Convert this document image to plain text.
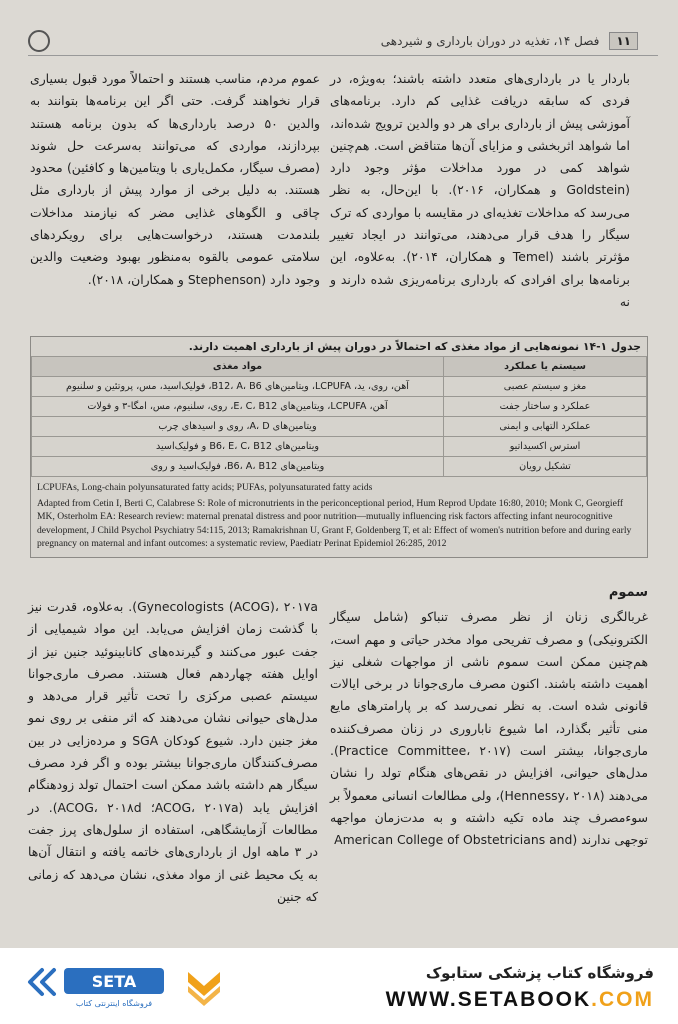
۱۱
فصل ۱۴، تغذیه در دوران بارداری و شیردهی

باردار یا در بارداری‌های متعدد داشته باشند؛ به‌ویژه، در فردی که سابقه دریافت غذایی کم دارد. برنامه‌های آموزشی پیش از بارداری برای هر دو والدین ترویج شده‌اند، اما شواهد اثربخشی و مزایای آن‌ها متناقض است. هم‌چنین شواهد کمی در مورد مداخلات مؤثر وجود دارد (Goldstein و همکاران، ۲۰۱۶). با این‌حال، به نظر می‌رسد که مداخلات تغذیه‌ای در مقایسه با مواردی که ترک سیگار را هدف قرار می‌دهند، می‌توانند در ایجاد تغییر مؤثرتر باشند (Temel و همکاران، ۲۰۱۴). به‌علاوه، این برنامه‌ها برای افرادی که بارداری برنامه‌ریزی شده دارند و نه

عموم مردم، مناسب هستند و احتمالاً مورد قبول بسیاری قرار نخواهند گرفت. حتی اگر این برنامه‌ها بتوانند به والدین ۵۰ درصد بارداری‌ها که بدون برنامه هستند بپردازند، مواردی که می‌توانند به‌سرعت حل شوند (مصرف سیگار، مکمل‌یاری با ویتامین‌ها و کافئین) محدود هستند. به دلیل برخی از موارد پیش از بارداری مثل چاقی و الگوهای غذایی مضر که نیازمند مداخلات بلندمدت هستند، درخواست‌هایی برای رویکردهای سلامتی عمومی بالقوه به‌منظور بهبود وضعیت والدین وجود دارد (Stephenson و همکاران، ۲۰۱۸).

جدول ۱-۱۴ نمونه‌هایی از مواد مغذی که احتمالاً در دوران پیش از بارداری اهمیت دارند.
سیستم یا عملکرد	مواد مغذی
مغز و سیستم عصبی	آهن، روی، ید، LCPUFA، ویتامین‌های B12، A، B6، فولیک‌اسید، مس، پروتئین و سلنیوم
عملکرد و ساختار جفت	آهن، LCPUFA، ویتامین‌های E، C، B12، روی، سلنیوم، مس، امگا-۳ و فولات
عملکرد التهابی و ایمنی	ویتامین‌های A، D، روی و اسیدهای چرب
استرس اکسیداتیو	ویتامین‌های B6، E، C، B12 و فولیک‌اسید
تشکیل رویان	ویتامین‌های B6، A، B12، فولیک‌اسید و روی
LCPUFAs, Long-chain polyunsaturated fatty acids; PUFAs, polyunsaturated fatty acids
Adapted from Cetin I, Berti C, Calabrese S: Role of micronutrients in the periconceptional period, Hum Reprod Update 16:80, 2010; Monk C, Georgieff MK, Osterholm EA: Research review: maternal prenatal distress and poor nutrition—mutually influencing risk factors affecting infant neurocognitive development, J Child Psychol Psychiatry 54:115, 2013; Ramakrishnan U, Grant F, Goldenberg T, et al: Effect of women's nutrition before and during early pregnancy on maternal and infant outcomes: a systematic review, Paediatr Perinat Epidemiol 26:285, 2012
سموم

غربالگری زنان از نظر مصرف تنباکو (شامل سیگار الکترونیکی) و مصرف تفریحی مواد مخدر حیاتی و مهم است، هم‌چنین ممکن است سموم ناشی از مواجهات شغلی نیز اهمیت داشته باشند. اکنون مصرف ماری‌جوانا در برخی ایالات قانونی شده است. به نظر نمی‌رسد که بر پارامترهای مایع منی تأثیر بگذارد، اما شیوع ناباروری در زنان مصرف‌کننده ماری‌جوانا، بیشتر است (Practice Committee، ۲۰۱۷). مدل‌های حیوانی، افزایش در نقص‌های هنگام تولد را نشان می‌دهند (Hennessy، ۲۰۱۸)، ولی مطالعات انسانی معمولاً بر سوءمصرف چند ماده تکیه داشته و به مدت‌زمان مواجهه توجهی ندارند (American College of Obstetricians and

Gynecologists (ACOG)، ۲۰۱۷a). به‌علاوه، قدرت نیز با گذشت زمان افزایش می‌یابد. این مواد شیمیایی از جفت عبور می‌کنند و گیرنده‌های کانابینوئید جنین نیز از اوایل هفته چهاردهم فعال هستند. مصرف ماری‌جوانا سیستم عصبی مرکزی را تحت تأثیر قرار می‌دهد و مدل‌های حیوانی نشان می‌دهند که اثر منفی بر روی نمو مغز جنین دارد. شیوع کودکان SGA و مرده‌زایی در بین مصرف‌کنندگان ماری‌جوانا بیشتر بوده و اگر فرد مصرف سیگار هم داشته باشد ممکن است احتمال تولد زودهنگام افزایش یابد (ACOG، ۲۰۱۷a؛ ACOG، ۲۰۱۸d). در مطالعات آزمایشگاهی، استفاده از سلول‌های پرز جفت در ۳ ماهه اول از بارداری‌های خاتمه یافته و انتقال آن‌ها به یک محیط غنی از مواد مغذی، نشان می‌دهد که زمانی که جنین

SETA
فروشگاه اینترنتی کتاب
فروشگاه کتاب پزشکی ستابوک
WWW.SETABOOK.COM
